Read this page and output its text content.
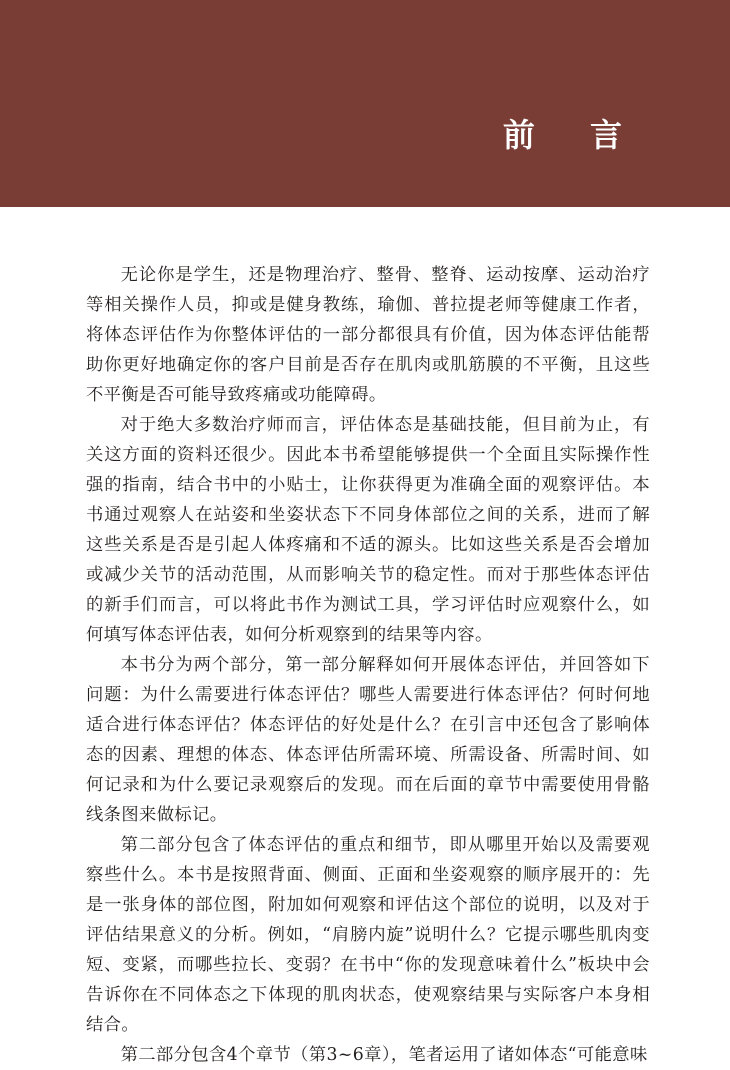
前 言

无论你是学生，还是物理治疗、整骨、整脊、运动按摩、运动治疗等相关操作人员，抑或是健身教练，瑜伽、普拉提老师等健康工作者，将体态评估作为你整体评估的一部分都很具有价值，因为体态评估能帮助你更好地确定你的客户目前是否存在肌肉或肌筋膜的不平衡，且这些不平衡是否可能导致疼痛或功能障碍。

对于绝大多数治疗师而言，评估体态是基础技能，但目前为止，有关这方面的资料还很少。因此本书希望能够提供一个全面且实际操作性强的指南，结合书中的小贴士，让你获得更为准确全面的观察评估。本书通过观察人在站姿和坐姿状态下不同身体部位之间的关系，进而了解这些关系是否是引起人体疼痛和不适的源头。比如这些关系是否会增加或减少关节的活动范围，从而影响关节的稳定性。而对于那些体态评估的新手们而言，可以将此书作为测试工具，学习评估时应观察什么，如何填写体态评估表，如何分析观察到的结果等内容。

本书分为两个部分，第一部分解释如何开展体态评估，并回答如下问题：为什么需要进行体态评估？哪些人需要进行体态评估？何时何地适合进行体态评估？体态评估的好处是什么？在引言中还包含了影响体态的因素、理想的体态、体态评估所需环境、所需设备、所需时间、如何记录和为什么要记录观察后的发现。而在后面的章节中需要使用骨骼线条图来做标记。

第二部分包含了体态评估的重点和细节，即从哪里开始以及需要观察些什么。本书是按照背面、侧面、正面和坐姿观察的顺序展开的：先是一张身体的部位图，附加如何观察和评估这个部位的说明，以及对于评估结果意义的分析。例如，“肩膀内旋”说明什么？它提示哪些肌肉变短、变紧，而哪些拉长、变弱？在书中“你的发现意味着什么”板块中会告诉你在不同体态之下体现的肌肉状态，使观察结果与实际客户本身相结合。

第二部分包含4个章节（第3~6章），笔者运用了诸如体态“可能意味
